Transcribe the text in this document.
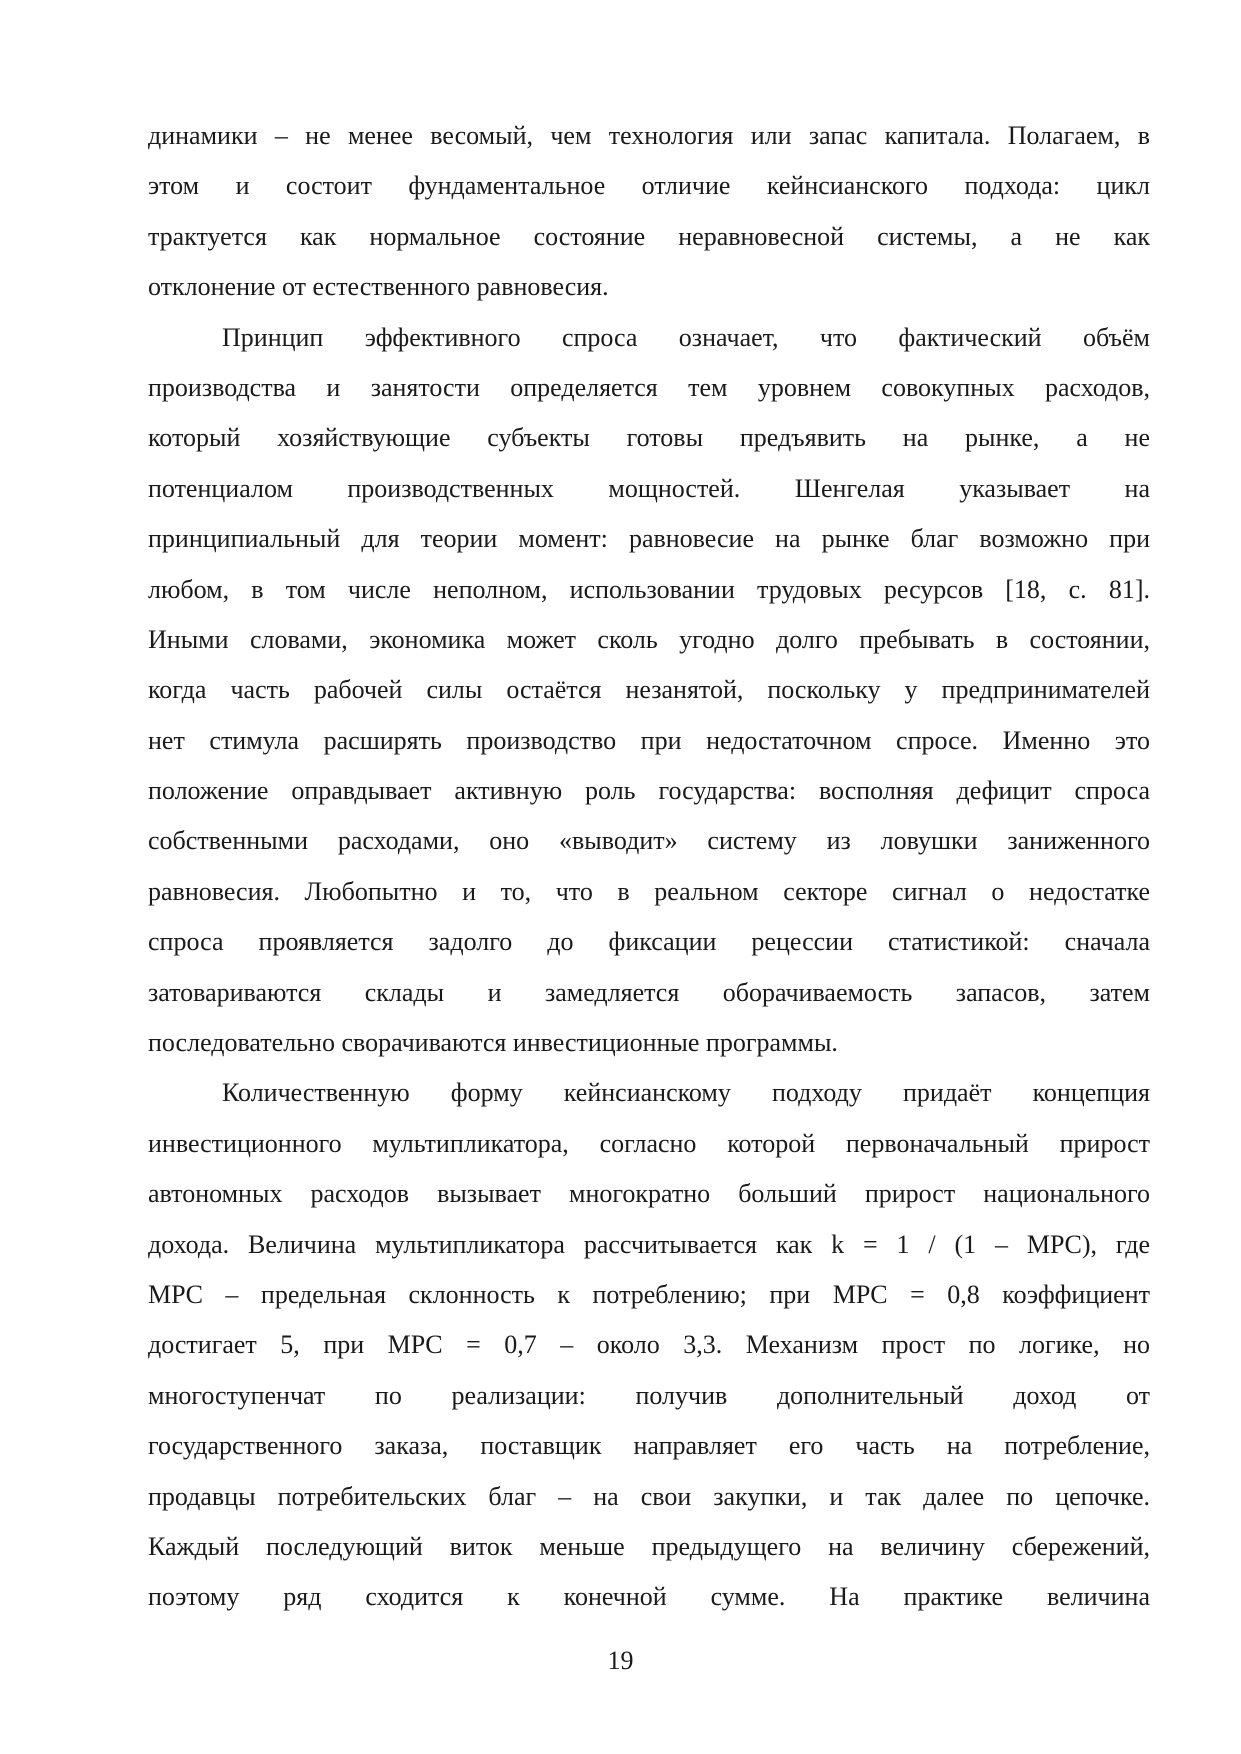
динамики – не менее весомый, чем технология или запас капитала. Полагаем, в
этом и состоит фундаментальное отличие кейнсианского подхода: цикл
трактуется как нормальное состояние неравновесной системы, а не как
отклонение от естественного равновесия.
Принцип эффективного спроса означает, что фактический объём
производства и занятости определяется тем уровнем совокупных расходов,
который хозяйствующие субъекты готовы предъявить на рынке, а не
потенциалом производственных мощностей. Шенгелая указывает на
принципиальный для теории момент: равновесие на рынке благ возможно при
любом, в том числе неполном, использовании трудовых ресурсов [18, с. 81].
Иными словами, экономика может сколь угодно долго пребывать в состоянии,
когда часть рабочей силы остаётся незанятой, поскольку у предпринимателей
нет стимула расширять производство при недостаточном спросе. Именно это
положение оправдывает активную роль государства: восполняя дефицит спроса
собственными расходами, оно «выводит» систему из ловушки заниженного
равновесия. Любопытно и то, что в реальном секторе сигнал о недостатке
спроса проявляется задолго до фиксации рецессии статистикой: сначала
затовариваются склады и замедляется оборачиваемость запасов, затем
последовательно сворачиваются инвестиционные программы.
Количественную форму кейнсианскому подходу придаёт концепция
инвестиционного мультипликатора, согласно которой первоначальный прирост
автономных расходов вызывает многократно больший прирост национального
дохода. Величина мультипликатора рассчитывается как k = 1 / (1 – MPC), где
MPC – предельная склонность к потреблению; при MPC = 0,8 коэффициент
достигает 5, при MPC = 0,7 – около 3,3. Механизм прост по логике, но
многоступенчат по реализации: получив дополнительный доход от
государственного заказа, поставщик направляет его часть на потребление,
продавцы потребительских благ – на свои закупки, и так далее по цепочке.
Каждый последующий виток меньше предыдущего на величину сбережений,
поэтому ряд сходится к конечной сумме. На практике величина
19
